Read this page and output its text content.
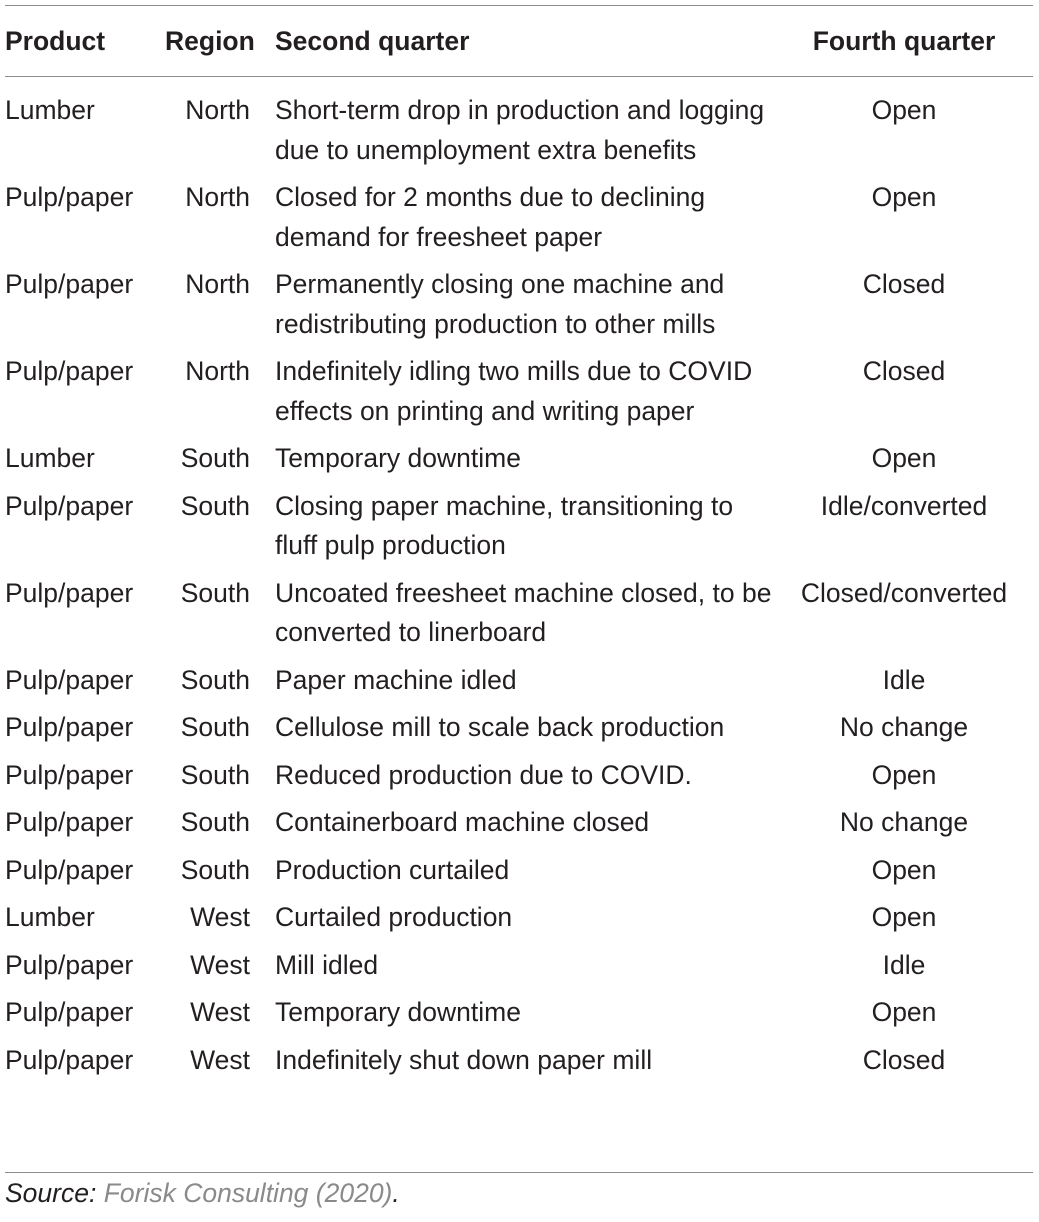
Product	Region	Second quarter	Fourth quarter
Lumber	North	Short-term drop in production and logging due to unemployment extra benefits	Open
Pulp/paper	North	Closed for 2 months due to declining demand for freesheet paper	Open
Pulp/paper	North	Permanently closing one machine and redistributing production to other mills	Closed
Pulp/paper	North	Indefinitely idling two mills due to COVID effects on printing and writing paper	Closed
Lumber	South	Temporary downtime	Open
Pulp/paper	South	Closing paper machine, transitioning to fluff pulp production	Idle/converted
Pulp/paper	South	Uncoated freesheet machine closed, to be converted to linerboard	Closed/converted
Pulp/paper	South	Paper machine idled	Idle
Pulp/paper	South	Cellulose mill to scale back production	No change
Pulp/paper	South	Reduced production due to COVID.	Open
Pulp/paper	South	Containerboard machine closed	No change
Pulp/paper	South	Production curtailed	Open
Lumber	West	Curtailed production	Open
Pulp/paper	West	Mill idled	Idle
Pulp/paper	West	Temporary downtime	Open
Pulp/paper	West	Indefinitely shut down paper mill	Closed
Source: Forisk Consulting (2020).
